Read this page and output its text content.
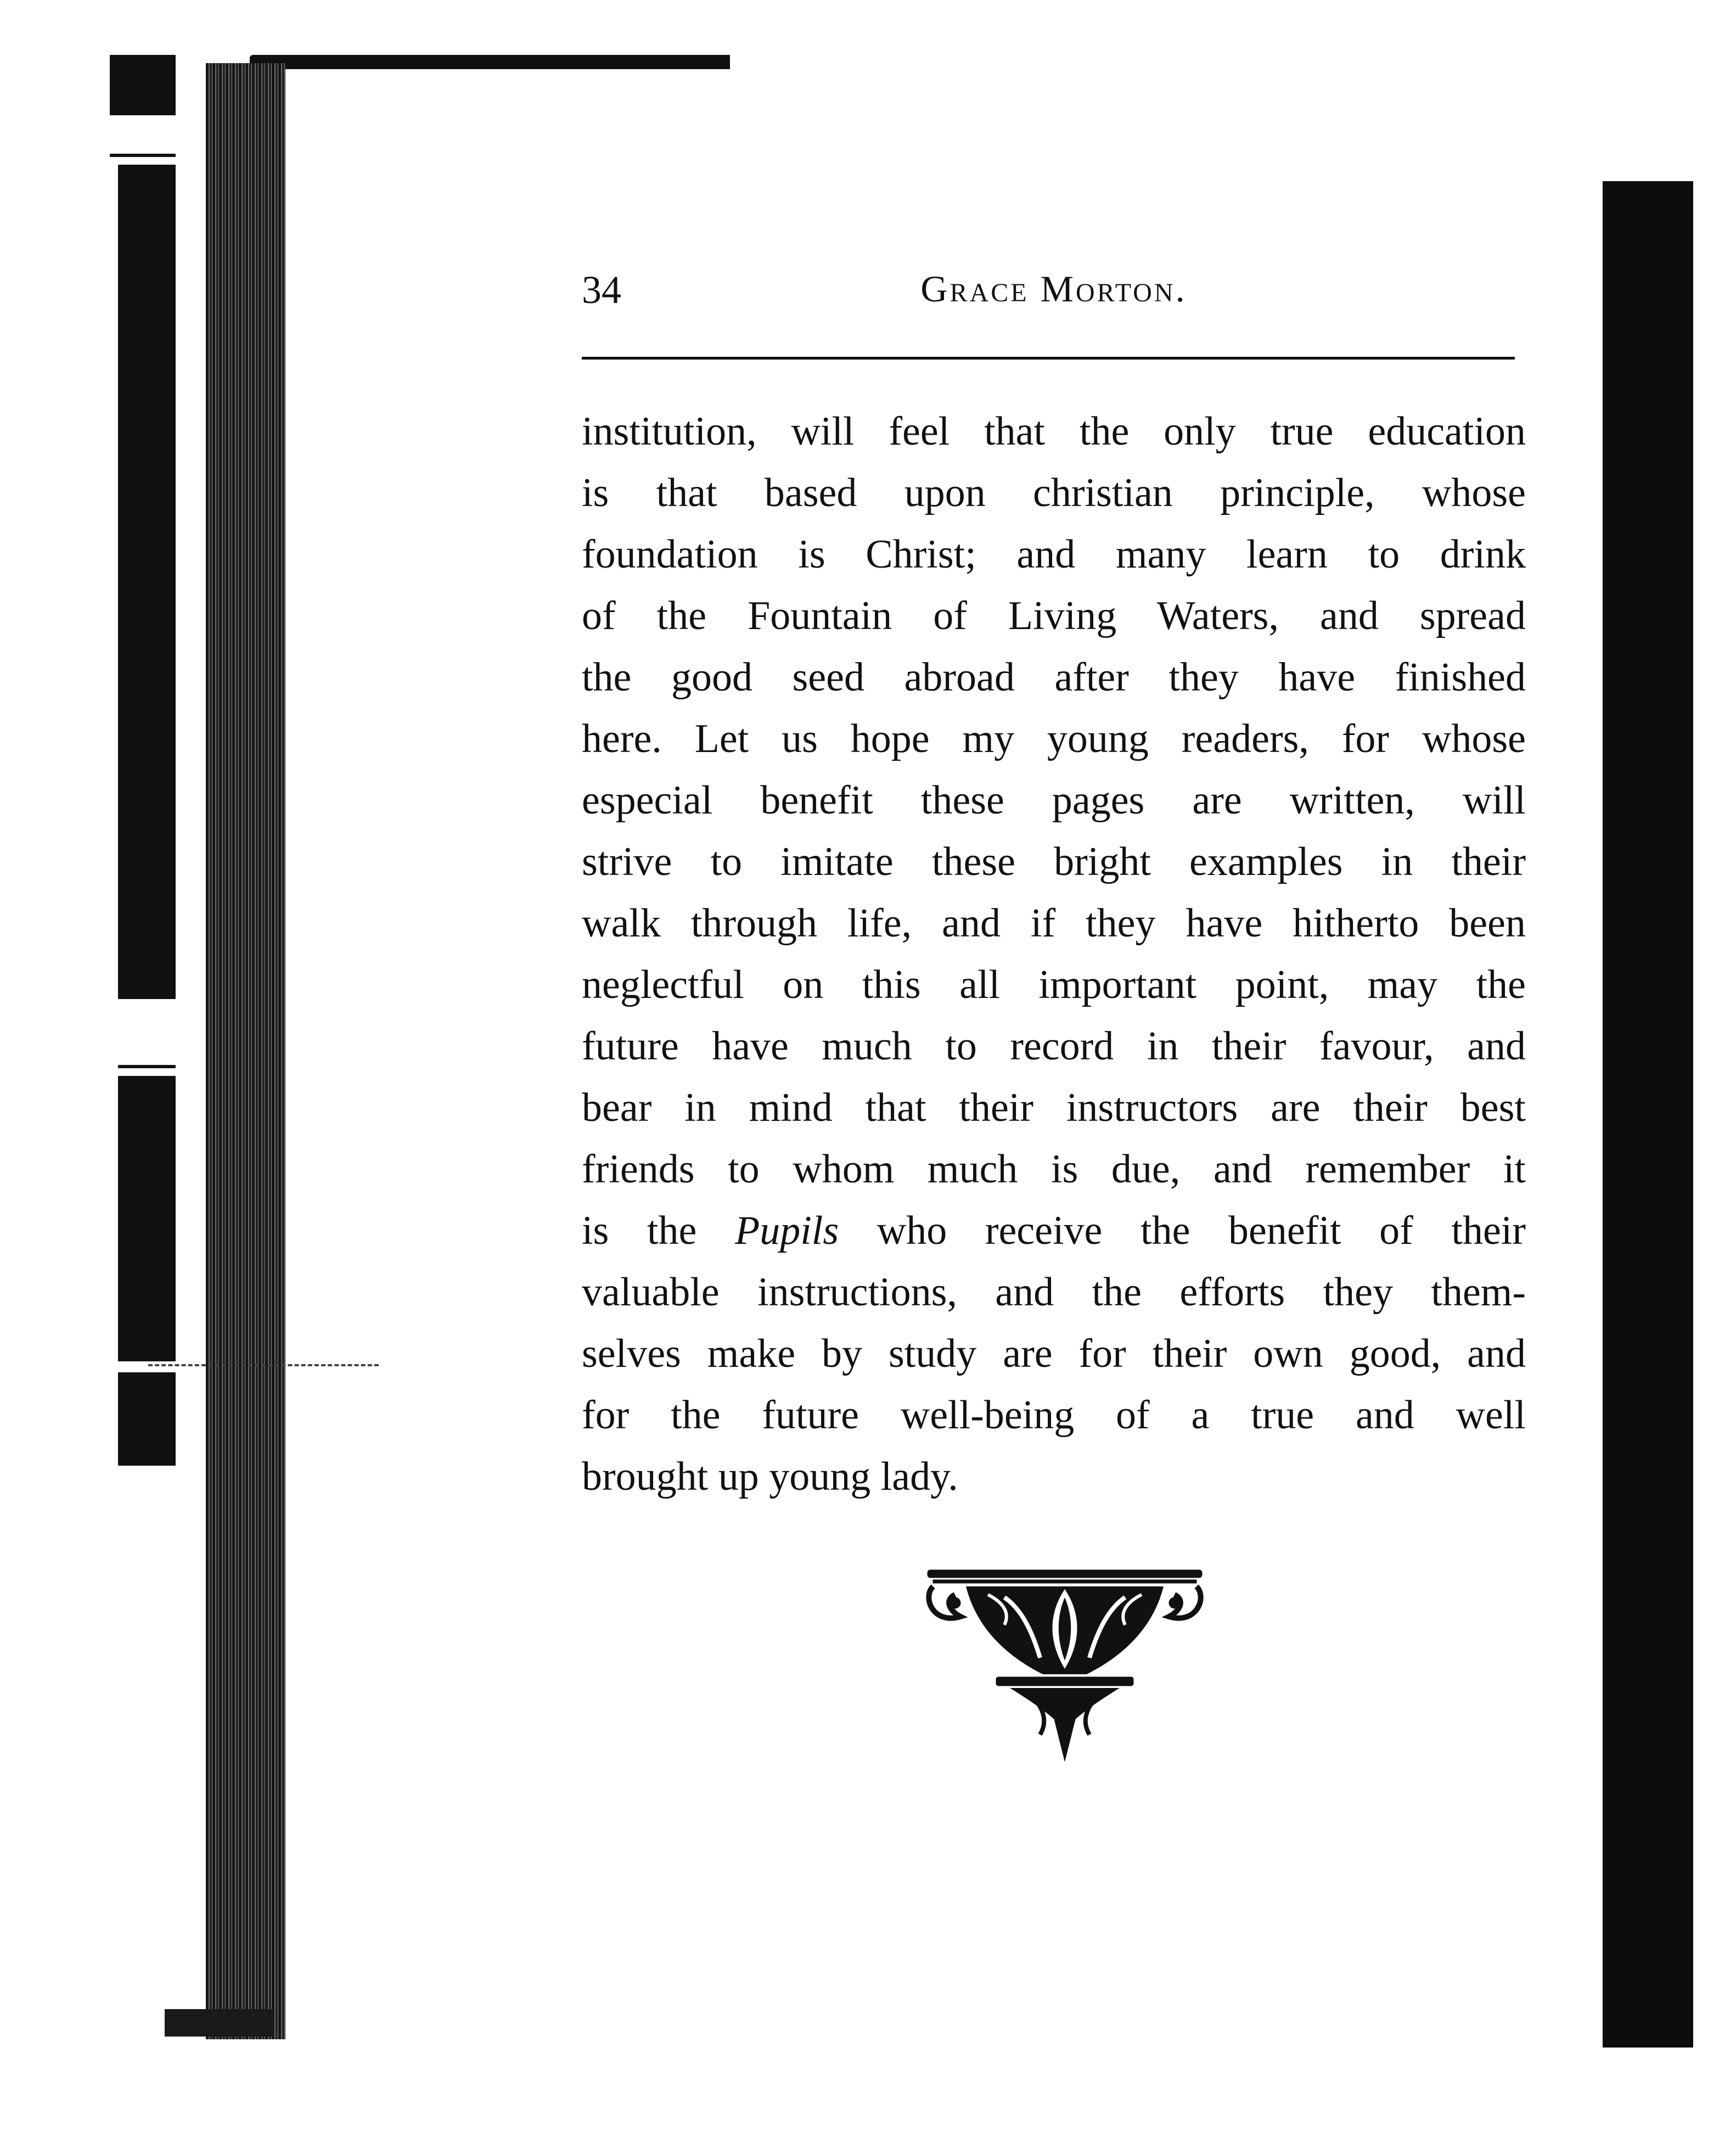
34	Grace Morton.
institution, will feel that the only true education
is that based upon christian principle, whose
foundation is Christ; and many learn to drink
of the Fountain of Living Waters, and spread
the good seed abroad after they have finished
here. Let us hope my young readers, for whose
especial benefit these pages are written, will
strive to imitate these bright examples in their
walk through life, and if they have hitherto been
neglectful on this all important point, may the
future have much to record in their favour, and
bear in mind that their instructors are their best
friends to whom much is due, and remember it
is the Pupils who receive the benefit of their
valuable instructions, and the efforts they them-
selves make by study are for their own good, and
for the future well-being of a true and well
brought up young lady.
